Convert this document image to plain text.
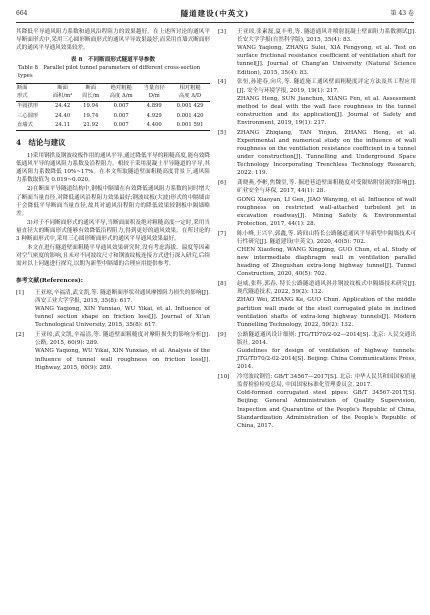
664	隧道建设(中英文)	第 43 卷

其降低平导通风阻力系数和通风沿程阻力的效果越好。在上述所讨论的通风平导断面形式中,采用三心圆形断面形式的通风平导效果最好,而采用直墙式断面形式的通风平导通风效果较差。

表 8　不同断面形式隧道平导参数
Table 8　Parallel pilot tunnel parameters of different cross-section types
断面	断面	断面	绝对粗糙	当量直径	相对粗糙
形式	面积/m²	周长/m	高度 Δ/m	D/m	高度 Δ/D
半圆拱形	24.42	19.94	0.007	4.899	0.001 429
三心圆形	24.40	19.74	0.007	4.929	0.001 420
直墙式	24.11	21.92	0.007	4.400	0.001 591
4　结论与建议

1)采用钢拱及钢波纹板作用的通风平导,通过降低平导的粗糙高度,能有效降低通风平导的通风阻力系数及沿程阻力。相较于采用混凝土平导隧道的平导,其通风阻力系数降低 10%~17%。在本文所取隧道壁面粗糙高度背景下,通风阻力系数取值为 0.019~0.020。

2)在断面平导隧道结构中,钢板中隔墙在有效降低通风阻力系数的同时增大了断面当量直径,对降低通风沿程阻力效果最好;钢波纹板(大波)形式的中隔墙由于会降低平导断面当量直径,故其对通风沿程阻力的降低效果较钢板中隔墙略差。

3)对于不同断面形式的通风平导,当断面面积及绝对粗糙高度一定时,采用当量直径大的断面形式能够有效降低沿程阻力,得到更好的通风效果。在所讨论的 3 种断面形式中,采用三心圆形断面形式的通风平导通风效果最好。

本文在进行隧道壁面粗糙平导通风效果研究时,没有考虑海拔、温度等因素对空气密度的影响,且未对不同波纹尺寸和钢波纹板连接方式进行深入研究,后续需对以上问题进行探究,以期为新型中隔墙的合理应用提供参考。

参考文献(References):
[1]	王亚琼,辛福清,武文凯,等. 隧道断面形状对通风摩擦阻力损失的影响[J]. 西安工业大学学报, 2015, 35(8): 617.
WANG Yaqiong, XIN Yunxiao, WU Yikai, et al. Influence of tunnel section shape on friction loss[J]. Journal of Xi'an Technological University, 2015, 35(8): 617.
[2]	王亚琼,武文凯,辛福清,等. 隧道壁面粗糙度对摩阻损失的影响分析[J]. 公路, 2015, 60(9): 289.
WANG Yaqiong, WU Yikai, XIN Yunxiao, et al. Analysis of the influence of tunnel wall roughness on friction loss[J]. Highway, 2015, 60(9): 289.
[3]	王亚琼,张素磊,夏丰勇,等. 隧道通风井喷射混凝土壁面阻力系数测试[J]. 长安大学学报(自然科学版), 2015, 35(4): 83.
WANG Yaqiong, ZHANG Sulei, XIA Fengyong, et al. Test on surface frictional resistance coefficient of ventilation shaft for tunnel[J]. Journal of Chang'an University (Natural Science Edition), 2015, 35(4): 83.
[4]	张恒,孙建春,向兵,等. 隧道施工通风壁面粗糙度评定方法及其工程应用[J]. 安全与环境学报, 2019, 19(1): 217.
ZHANG Heng, SUN Jianchun, XIANG Fen, et al. Assessment method to deal with the wall face roughness in the tunnel construction and its application[J]. Journal of Safety and Environment, 2019, 19(1): 217.
[5]	ZHANG Zhiqiang, TAN Yinjun, ZHANG Heng, et al. Experimental and numerical study on the influence of wall roughness on the ventilation resistance coefficient in a tunnel under construction[J]. Tunnelling and Underground Space Technology Incorporating Trenchless Technology Research, 2022: 119.
[6]	龚晓燕,李彬,焦魏堂,等. 掘进巷道壁面粗糙度对受限贴附射流的影响[J]. 矿业安全与环保, 2017, 44(1): 28.
GONG Xiaoyan, LI Gen, JIAO Wanying, et al. Influence of wall roughness on restricted wall-attached turbulent jet in excavation roadway[J]. Mining Safety & Environmental Protection, 2017, 44(1): 28.
[7]	陈小峰,王兴平,郭鑫,等. 跨间山特长公路隧道通风平导新型中隔墙技术可行性研究[J]. 隧道建设(中英文), 2020, 40(5): 702.
CHEN Xiaofeng, WANG Xingping, GUO Chun, et al. Study of new intermediate diaphragm wall in ventilation parallel heading of Zhegushan extra-long highway tunnel[J]. Tunnel Construction, 2020, 40(5): 702.
[8]	赵威,张科,郭春. 特长公路隧道通风斜井钢波纹板式中隔墙技术研究[J]. 现代隧道技术, 2022, 59(2): 132.
ZHAO Wei, ZHANG Ke, GUO Chun. Application of the middle partition wall made of the steel corrugated plate in inclined ventilation shafts of extra-long highway tunnels[J]. Modern Tunnelling Technology, 2022, 59(2): 132.
[9]	公路隧道通风设计细则: JTG/TD70/2-02—2014[S]. 北京: 人民交通出版社, 2014.
Guidelines for design of ventilation of highway tunnels: JTG/TD70/2-02-2014[S]. Beijing: China Communications Press, 2014.
[10]	冷弯波纹钢管: GB/T 34567—2017[S]. 北京: 中华人民共和国国家质量监督检验检疫总局, 中国国家标准化管理委员会, 2017.
Cold-formed corrugated steel pipes: GB/T 34567-2017[S]. Beijing: General Administration of Quality Supervision, Inspection and Quarantine of the People's Republic of China, Standardization Administration of the People's Republic of China, 2017.
